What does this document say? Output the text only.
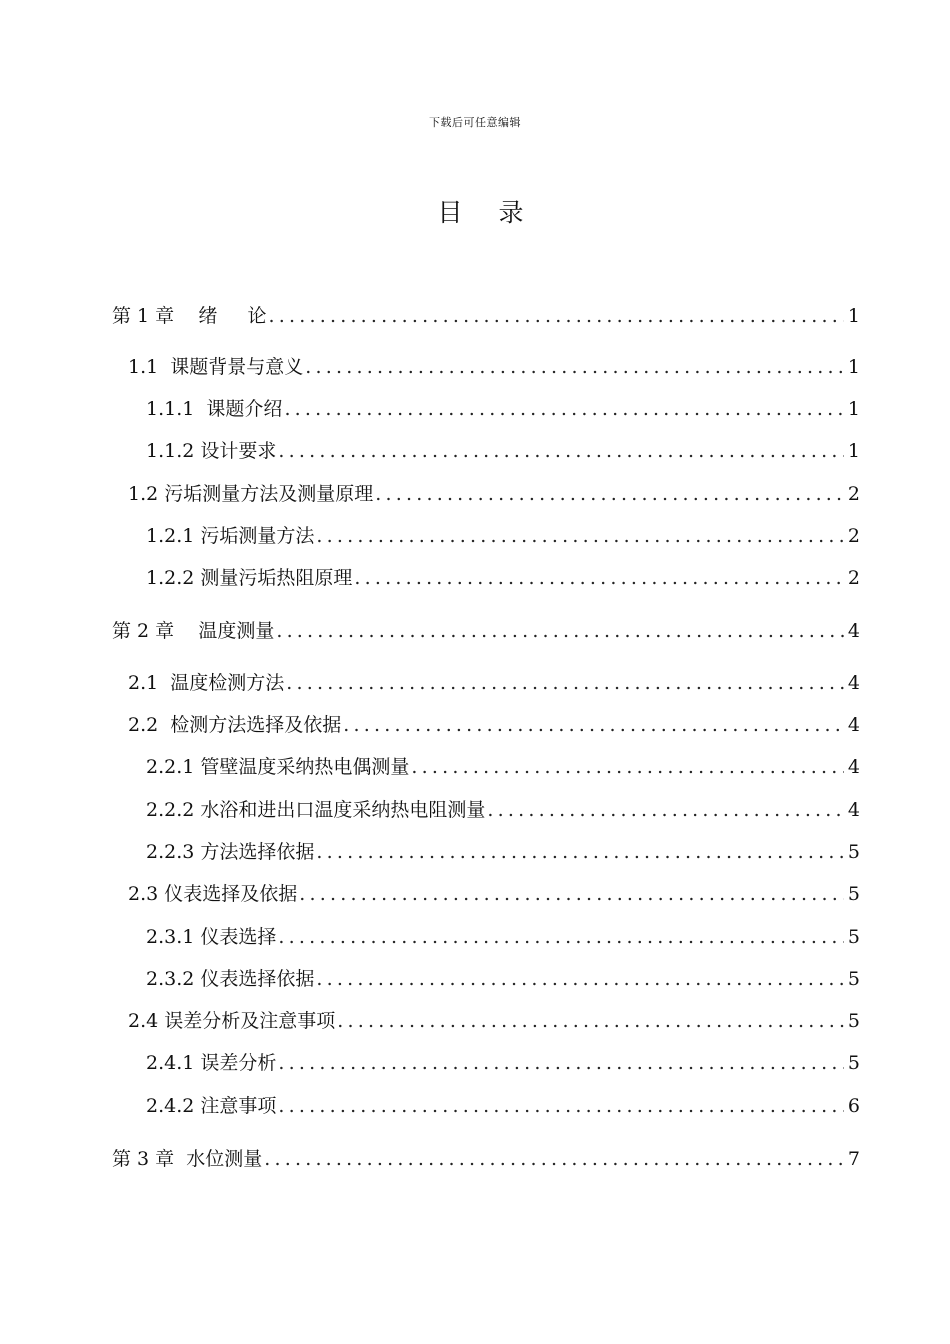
下载后可任意编辑
目 录
第 1 章    绪     论 .....	1
1.1  课题背景与意义 .....	1
1.1.1  课题介绍 .....	1
1.1.2 设计要求 .....	1
1.2 污垢测量方法及测量原理 .....	2
1.2.1 污垢测量方法 .....	2
1.2.2 测量污垢热阻原理 .....	2
第 2 章    温度测量 .....	4
2.1  温度检测方法 .....	4
2.2  检测方法选择及依据 .....	4
2.2.1 管壁温度采纳热电偶测量 .....	4
2.2.2 水浴和进出口温度采纳热电阻测量 .....	4
2.2.3 方法选择依据 .....	5
2.3 仪表选择及依据 .....	5
2.3.1 仪表选择 .....	5
2.3.2 仪表选择依据 .....	5
2.4 误差分析及注意事项 .....	5
2.4.1 误差分析 .....	5
2.4.2 注意事项 .....	6
第 3 章  水位测量 .....	7
